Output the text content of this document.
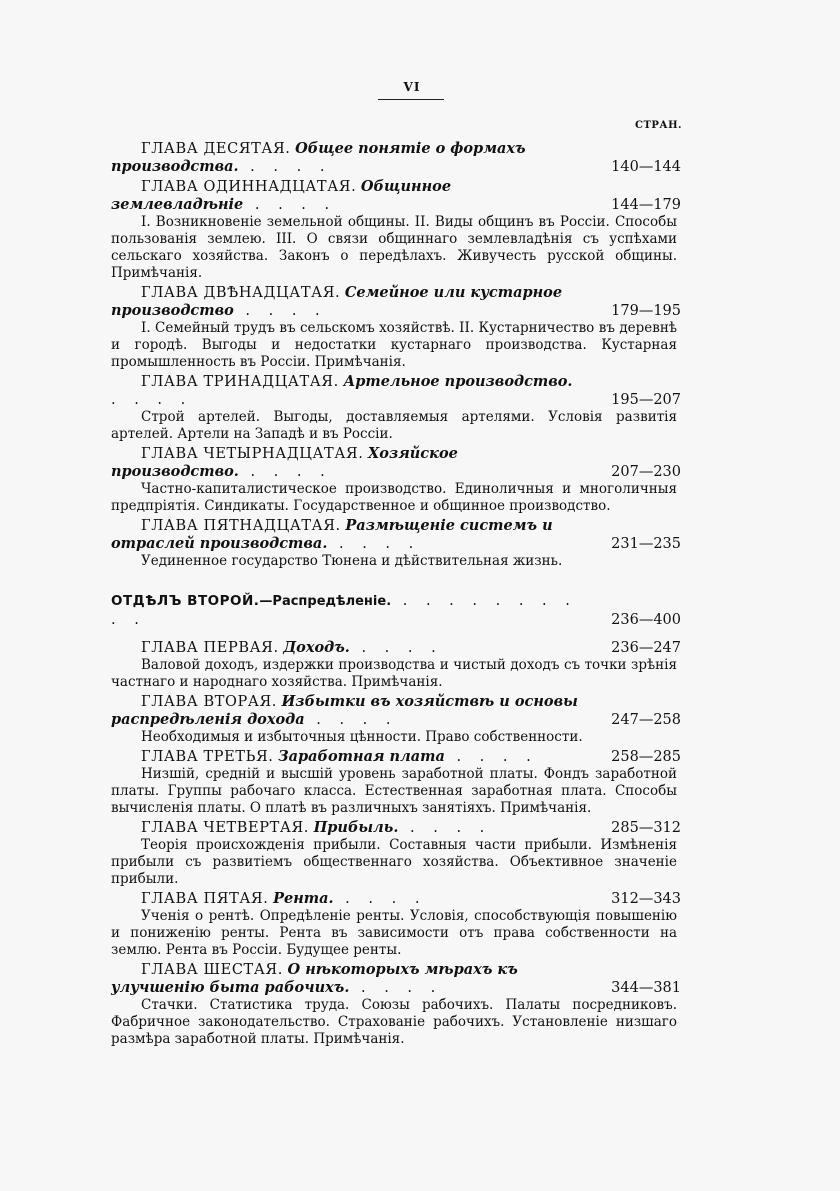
VI
СТРАН.
ГЛАВА ДЕСЯТАЯ. Общее понятіе о формахъ производства. . . . .	140—144
ГЛАВА ОДИННАДЦАТАЯ. Общинное землевладѣніе . . . .	144—179
I. Возникновеніе земельной общины. II. Виды общинъ въ Россіи. Способы пользованія землею. III. О связи общиннаго землевладѣнія съ успѣхами сельскаго хозяйства. Законъ о передѣлахъ. Живучесть русской общины. Примѣчанія.
ГЛАВА ДВѢНАДЦАТАЯ. Семейное или кустарное производство . . . .	179—195
I. Семейный трудъ въ сельскомъ хозяйствѣ. II. Кустарничество въ деревнѣ и городѣ. Выгоды и недостатки кустарнаго производства. Кустарная промышленность въ Россіи. Примѣчанія.
ГЛАВА ТРИНАДЦАТАЯ. Артельное производство. . . . .	195—207
Строй артелей. Выгоды, доставляемыя артелями. Условія развитія артелей. Артели на Западѣ и въ Россіи.
ГЛАВА ЧЕТЫРНАДЦАТАЯ. Хозяйское производство. . . . .	207—230
Частно-капиталистическое производство. Единоличныя и многоличныя предпріятія. Синдикаты. Государственное и общинное производство.
ГЛАВА ПЯТНАДЦАТАЯ. Размѣщеніе системъ и отраслей производства. . . . .	231—235
Уединенное государство Тюнена и дѣйствительная жизнь.
ОТДѢЛЪ ВТОРОЙ.—Распредѣленіе. . . . . . . . . . .	236—400
ГЛАВА ПЕРВАЯ. Доходъ. . . . .	236—247
Валовой доходъ, издержки производства и чистый доходъ съ точки зрѣнія частнаго и народнаго хозяйства. Примѣчанія.
ГЛАВА ВТОРАЯ. Избытки въ хозяйствѣ и основы распредѣленія дохода . . . .	247—258
Необходимыя и избыточныя цѣнности. Право собственности.
ГЛАВА ТРЕТЬЯ. Заработная плата . . . .	258—285
Низшій, средній и высшій уровень заработной платы. Фондъ заработной платы. Группы рабочаго класса. Естественная заработная плата. Способы вычисленія платы. О платѣ въ различныхъ занятіяхъ. Примѣчанія.
ГЛАВА ЧЕТВЕРТАЯ. Прибыль. . . . .	285—312
Теорія происхожденія прибыли. Составныя части прибыли. Измѣненія прибыли съ развитіемъ общественнаго хозяйства. Объективное значеніе прибыли.
ГЛАВА ПЯТАЯ. Рента. . . . .	312—343
Ученія о рентѣ. Опредѣленіе ренты. Условія, способствующія повышенію и пониженію ренты. Рента въ зависимости отъ права собственности на землю. Рента въ Россіи. Будущее ренты.
ГЛАВА ШЕСТАЯ. О нѣкоторыхъ мѣрахъ къ улучшенію быта рабочихъ. . . . .	344—381
Стачки. Статистика труда. Союзы рабочихъ. Палаты посредниковъ. Фабричное законодательство. Страхованіе рабочихъ. Установленіе низшаго размѣра заработной платы. Примѣчанія.
